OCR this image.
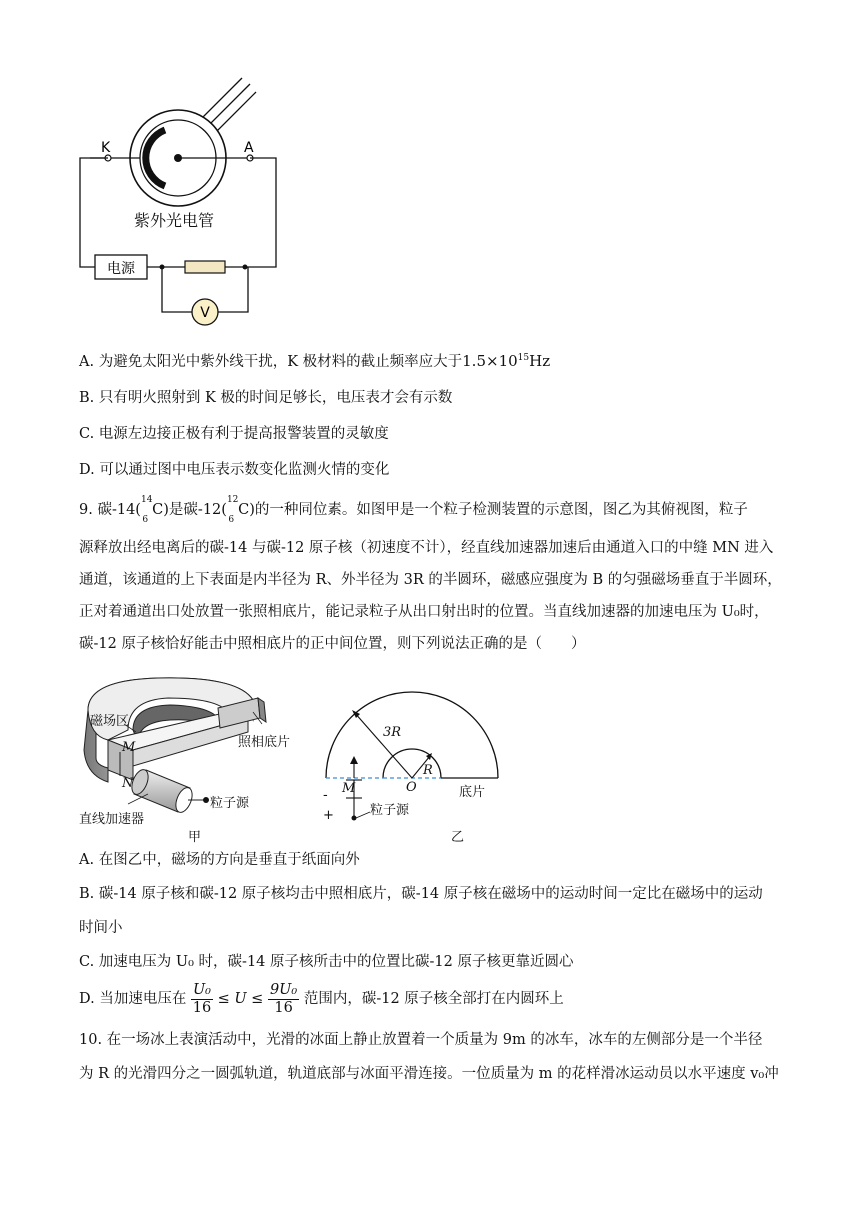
K	A
电源
V
紫外光电管
A. 为避免太阳光中紫外线干扰，K 极材料的截止频率应大于$1.5\times 10^{15}Hz$
B. 只有明火照射到 K 极的时间足够长，电压表才会有示数
C. 电源左边接正极有利于提高报警装置的灵敏度
D. 可以通过图中电压表示数变化监测火情的变化
9. 碳-14($^{14}_6$C)是碳-12($^{12}_6$C)的一种同位素。如图甲是一个粒子检测装置的示意图，图乙为其俯视图，粒子
源释放出经电离后的碳-14 与碳-12 原子核（初速度不计），经直线加速器加速后由通道入口的中缝 MN 进入
通道，该通道的上下表面是内半径为 R、外半径为 3R 的半圆环，磁感应强度为 B 的匀强磁场垂直于半圆环，
正对着通道出口处放置一张照相底片，能记录粒子从出口射出时的位置。当直线加速器的加速电压为 U₀时，
碳-12 原子核恰好能击中照相底片的正中间位置，则下列说法正确的是（　　）
磁场区
照相底片
M
N
粒子源
直线加速器
甲
3R
R
O
M
-
+
底片
粒子源
乙
A. 在图乙中，磁场的方向是垂直于纸面向外
B. 碳-14 原子核和碳-12 原子核均击中照相底片，碳-14 原子核在磁场中的运动时间一定比在磁场中的运动
时间小
C. 加速电压为 U₀ 时，碳-14 原子核所击中的位置比碳-12 原子核更靠近圆心
D. 当加速电压在 $\frac{\text{U₀}}{16} \le U \le \frac{\text{9U₀}}{16}$ 范围内，碳-12 原子核全部打在内圆环上
10. 在一场冰上表演活动中，光滑的冰面上静止放置着一个质量为 9m 的冰车，冰车的左侧部分是一个半径
为 R 的光滑四分之一圆弧轨道，轨道底部与冰面平滑连接。一位质量为 m 的花样滑冰运动员以水平速度 v₀冲
